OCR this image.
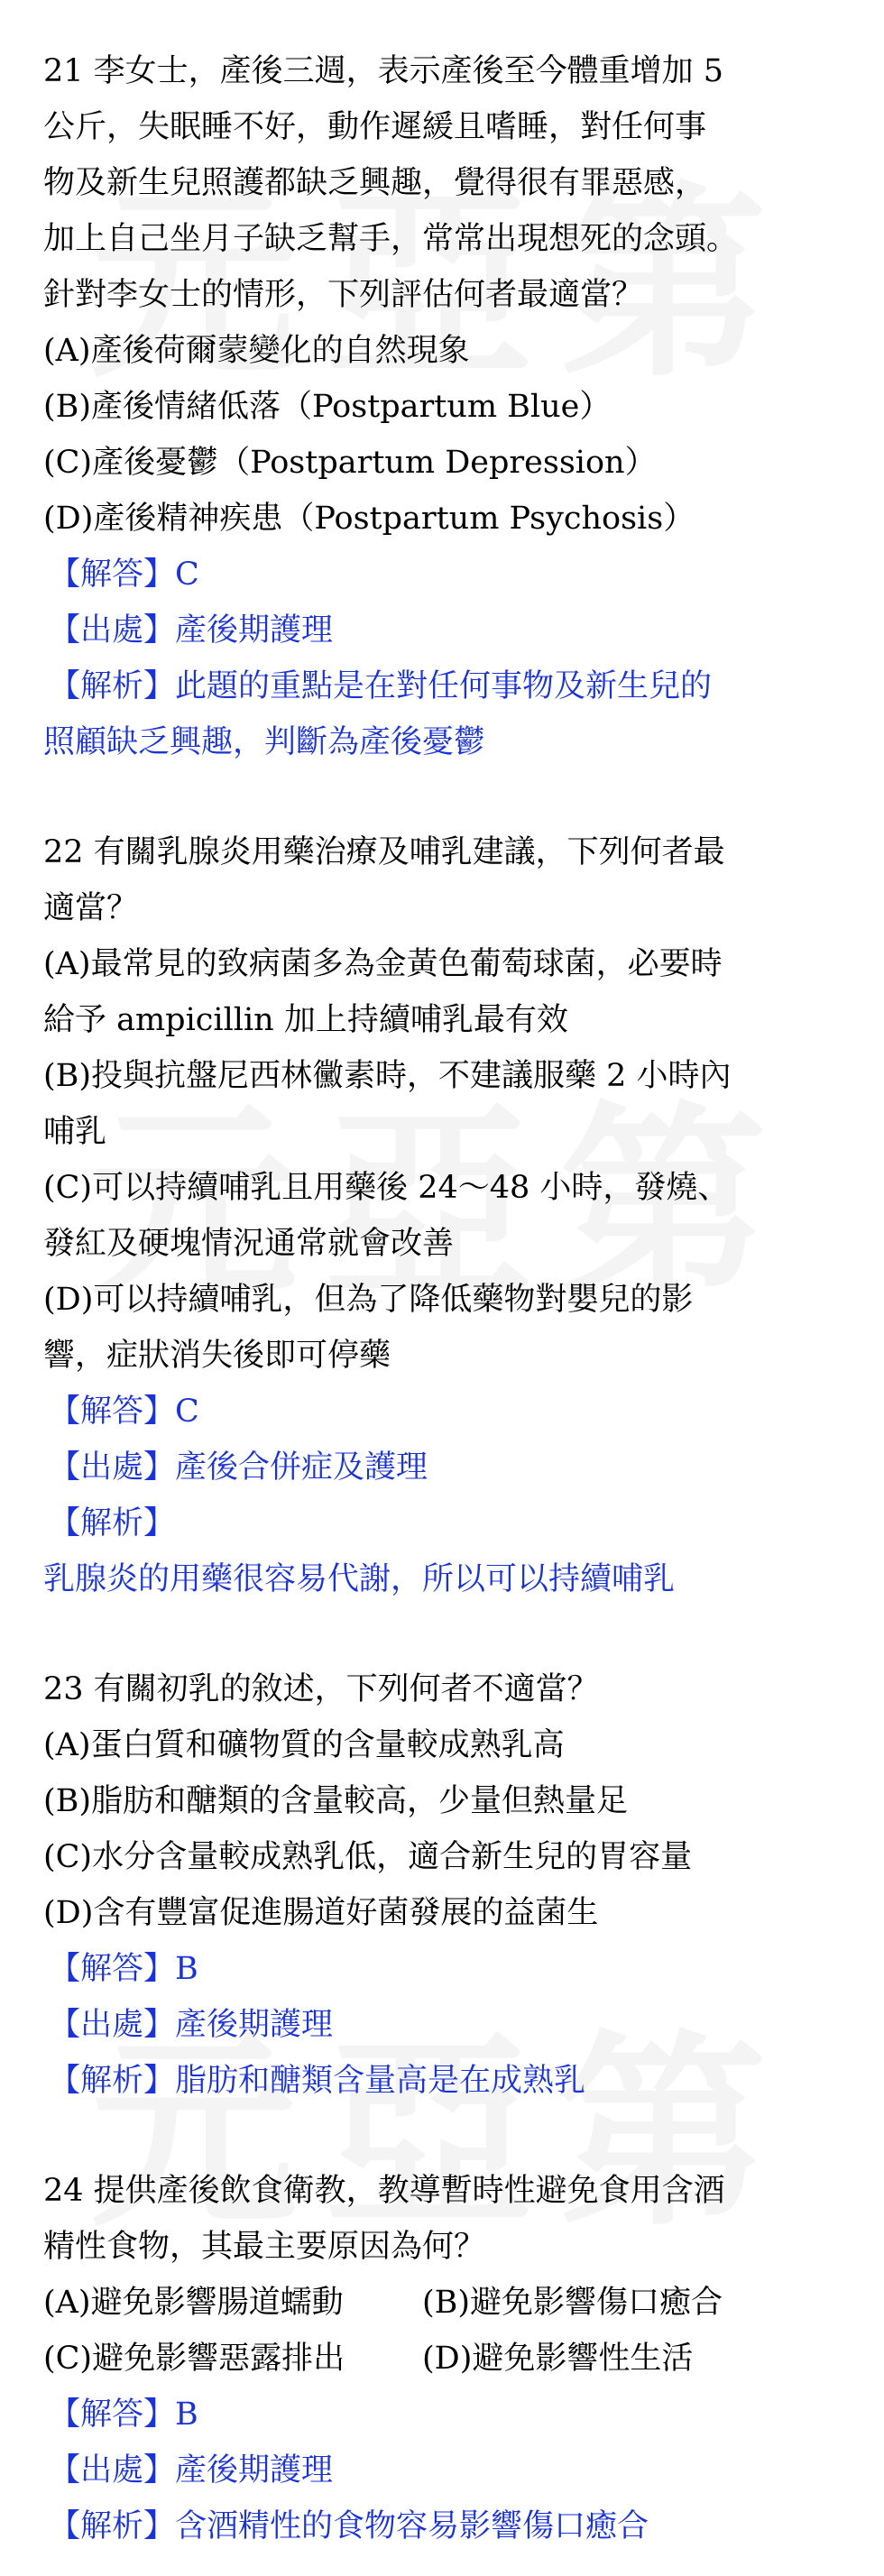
21 李女士，產後三週，表示產後至今體重增加 5
公斤，失眠睡不好，動作遲緩且嗜睡，對任何事
物及新生兒照護都缺乏興趣，覺得很有罪惡感，
加上自己坐月子缺乏幫手，常常出現想死的念頭。
針對李女士的情形，下列評估何者最適當？
(A)產後荷爾蒙變化的自然現象
(B)產後情緒低落（Postpartum Blue）
(C)產後憂鬱（Postpartum Depression）
(D)產後精神疾患（Postpartum Psychosis）
【解答】C
【出處】產後期護理
【解析】此題的重點是在對任何事物及新生兒的
照顧缺乏興趣，判斷為產後憂鬱
22 有關乳腺炎用藥治療及哺乳建議，下列何者最
適當？
(A)最常見的致病菌多為金黃色葡萄球菌，必要時
給予 ampicillin 加上持續哺乳最有效
(B)投與抗盤尼西林黴素時，不建議服藥 2 小時內
哺乳
(C)可以持續哺乳且用藥後 24～48 小時，發燒、
發紅及硬塊情況通常就會改善
(D)可以持續哺乳，但為了降低藥物對嬰兒的影
響，症狀消失後即可停藥
【解答】C
【出處】產後合併症及護理
【解析】
乳腺炎的用藥很容易代謝，所以可以持續哺乳
23 有關初乳的敘述，下列何者不適當？
(A)蛋白質和礦物質的含量較成熟乳高
(B)脂肪和醣類的含量較高，少量但熱量足
(C)水分含量較成熟乳低，適合新生兒的胃容量
(D)含有豐富促進腸道好菌發展的益菌生
【解答】B
【出處】產後期護理
【解析】脂肪和醣類含量高是在成熟乳
24 提供產後飲食衛教，教導暫時性避免食用含酒
精性食物，其最主要原因為何？
(A)避免影響腸道蠕動	(B)避免影響傷口癒合
(C)避免影響惡露排出	(D)避免影響性生活
【解答】B
【出處】產後期護理
【解析】含酒精性的食物容易影響傷口癒合
